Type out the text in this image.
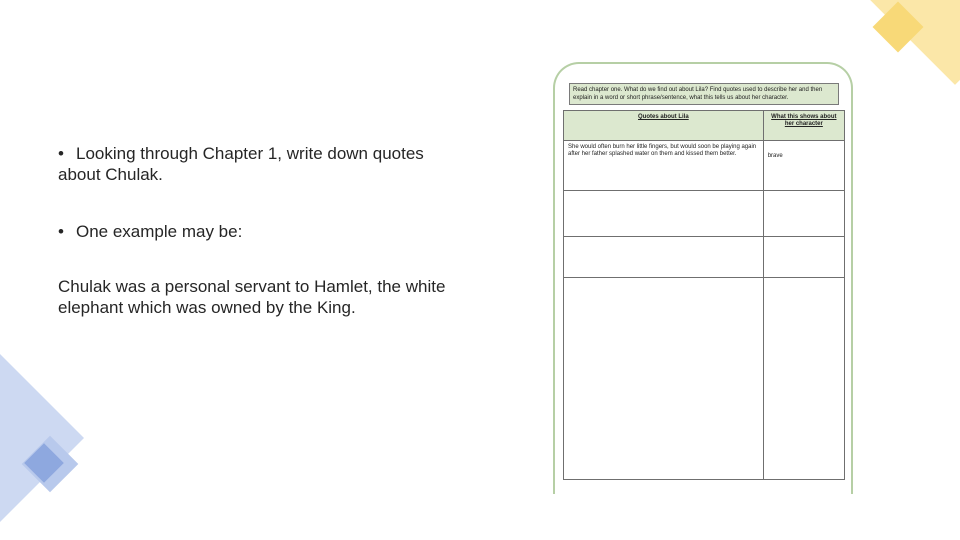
• Looking through Chapter 1, write down quotes about Chulak.
• One example may be:
Chulak was a personal servant to Hamlet, the white elephant which was owned by the King.
Read chapter one. What do we find out about Lila? Find quotes used to describe her and then explain in a word or short phrase/sentence, what this tells us about her character.
Quotes about Lila	What this shows about her character
She would often burn her little fingers, but would soon be playing again after her father splashed water on them and kissed them better.	brave
